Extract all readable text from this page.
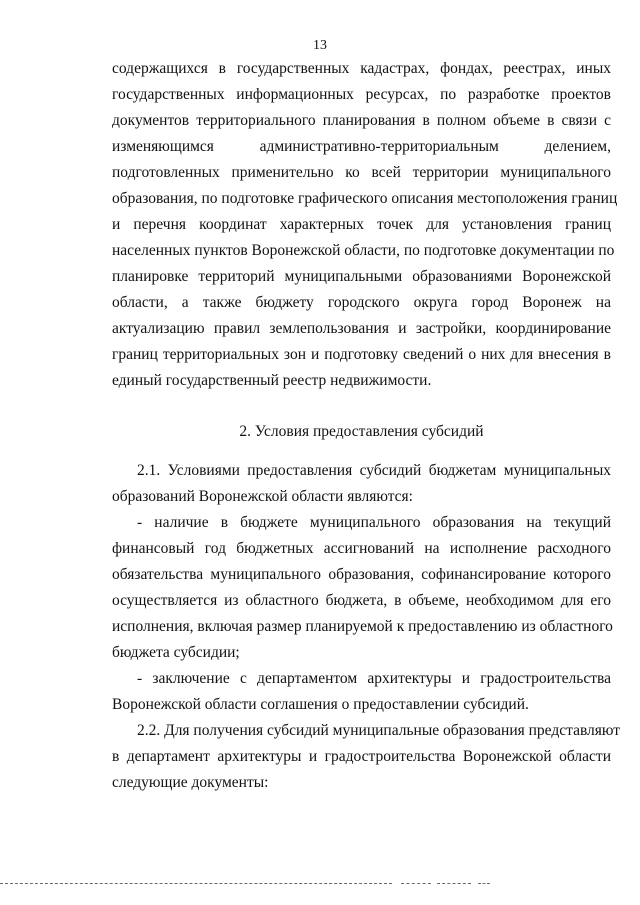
13
содержащихся в государственных кадастрах, фондах, реестрах, иных
государственных информационных ресурсах, по разработке проектов
документов территориального планирования в полном объеме в связи с
изменяющимся административно-территориальным делением,
подготовленных применительно ко всей территории муниципального
образования, по подготовке графического описания местоположения границ
и перечня координат характерных точек для установления границ
населенных пунктов Воронежской области, по подготовке документации по
планировке территорий муниципальными образованиями Воронежской
области, а также бюджету городского округа город Воронеж на
актуализацию правил землепользования и застройки, координирование
границ территориальных зон и подготовку сведений о них для внесения в
единый государственный реестр недвижимости.
2. Условия предоставления субсидий
2.1. Условиями предоставления субсидий бюджетам муниципальных
образований Воронежской области являются:
- наличие в бюджете муниципального образования на текущий
финансовый год бюджетных ассигнований на исполнение расходного
обязательства муниципального образования, софинансирование которого
осуществляется из областного бюджета, в объеме, необходимом для его
исполнения, включая размер планируемой к предоставлению из областного
бюджета субсидии;
- заключение с департаментом архитектуры и градостроительства
Воронежской области соглашения о предоставлении субсидий.
2.2. Для получения субсидий муниципальные образования представляют
в департамент архитектуры и градостроительства Воронежской области
следующие документы:
